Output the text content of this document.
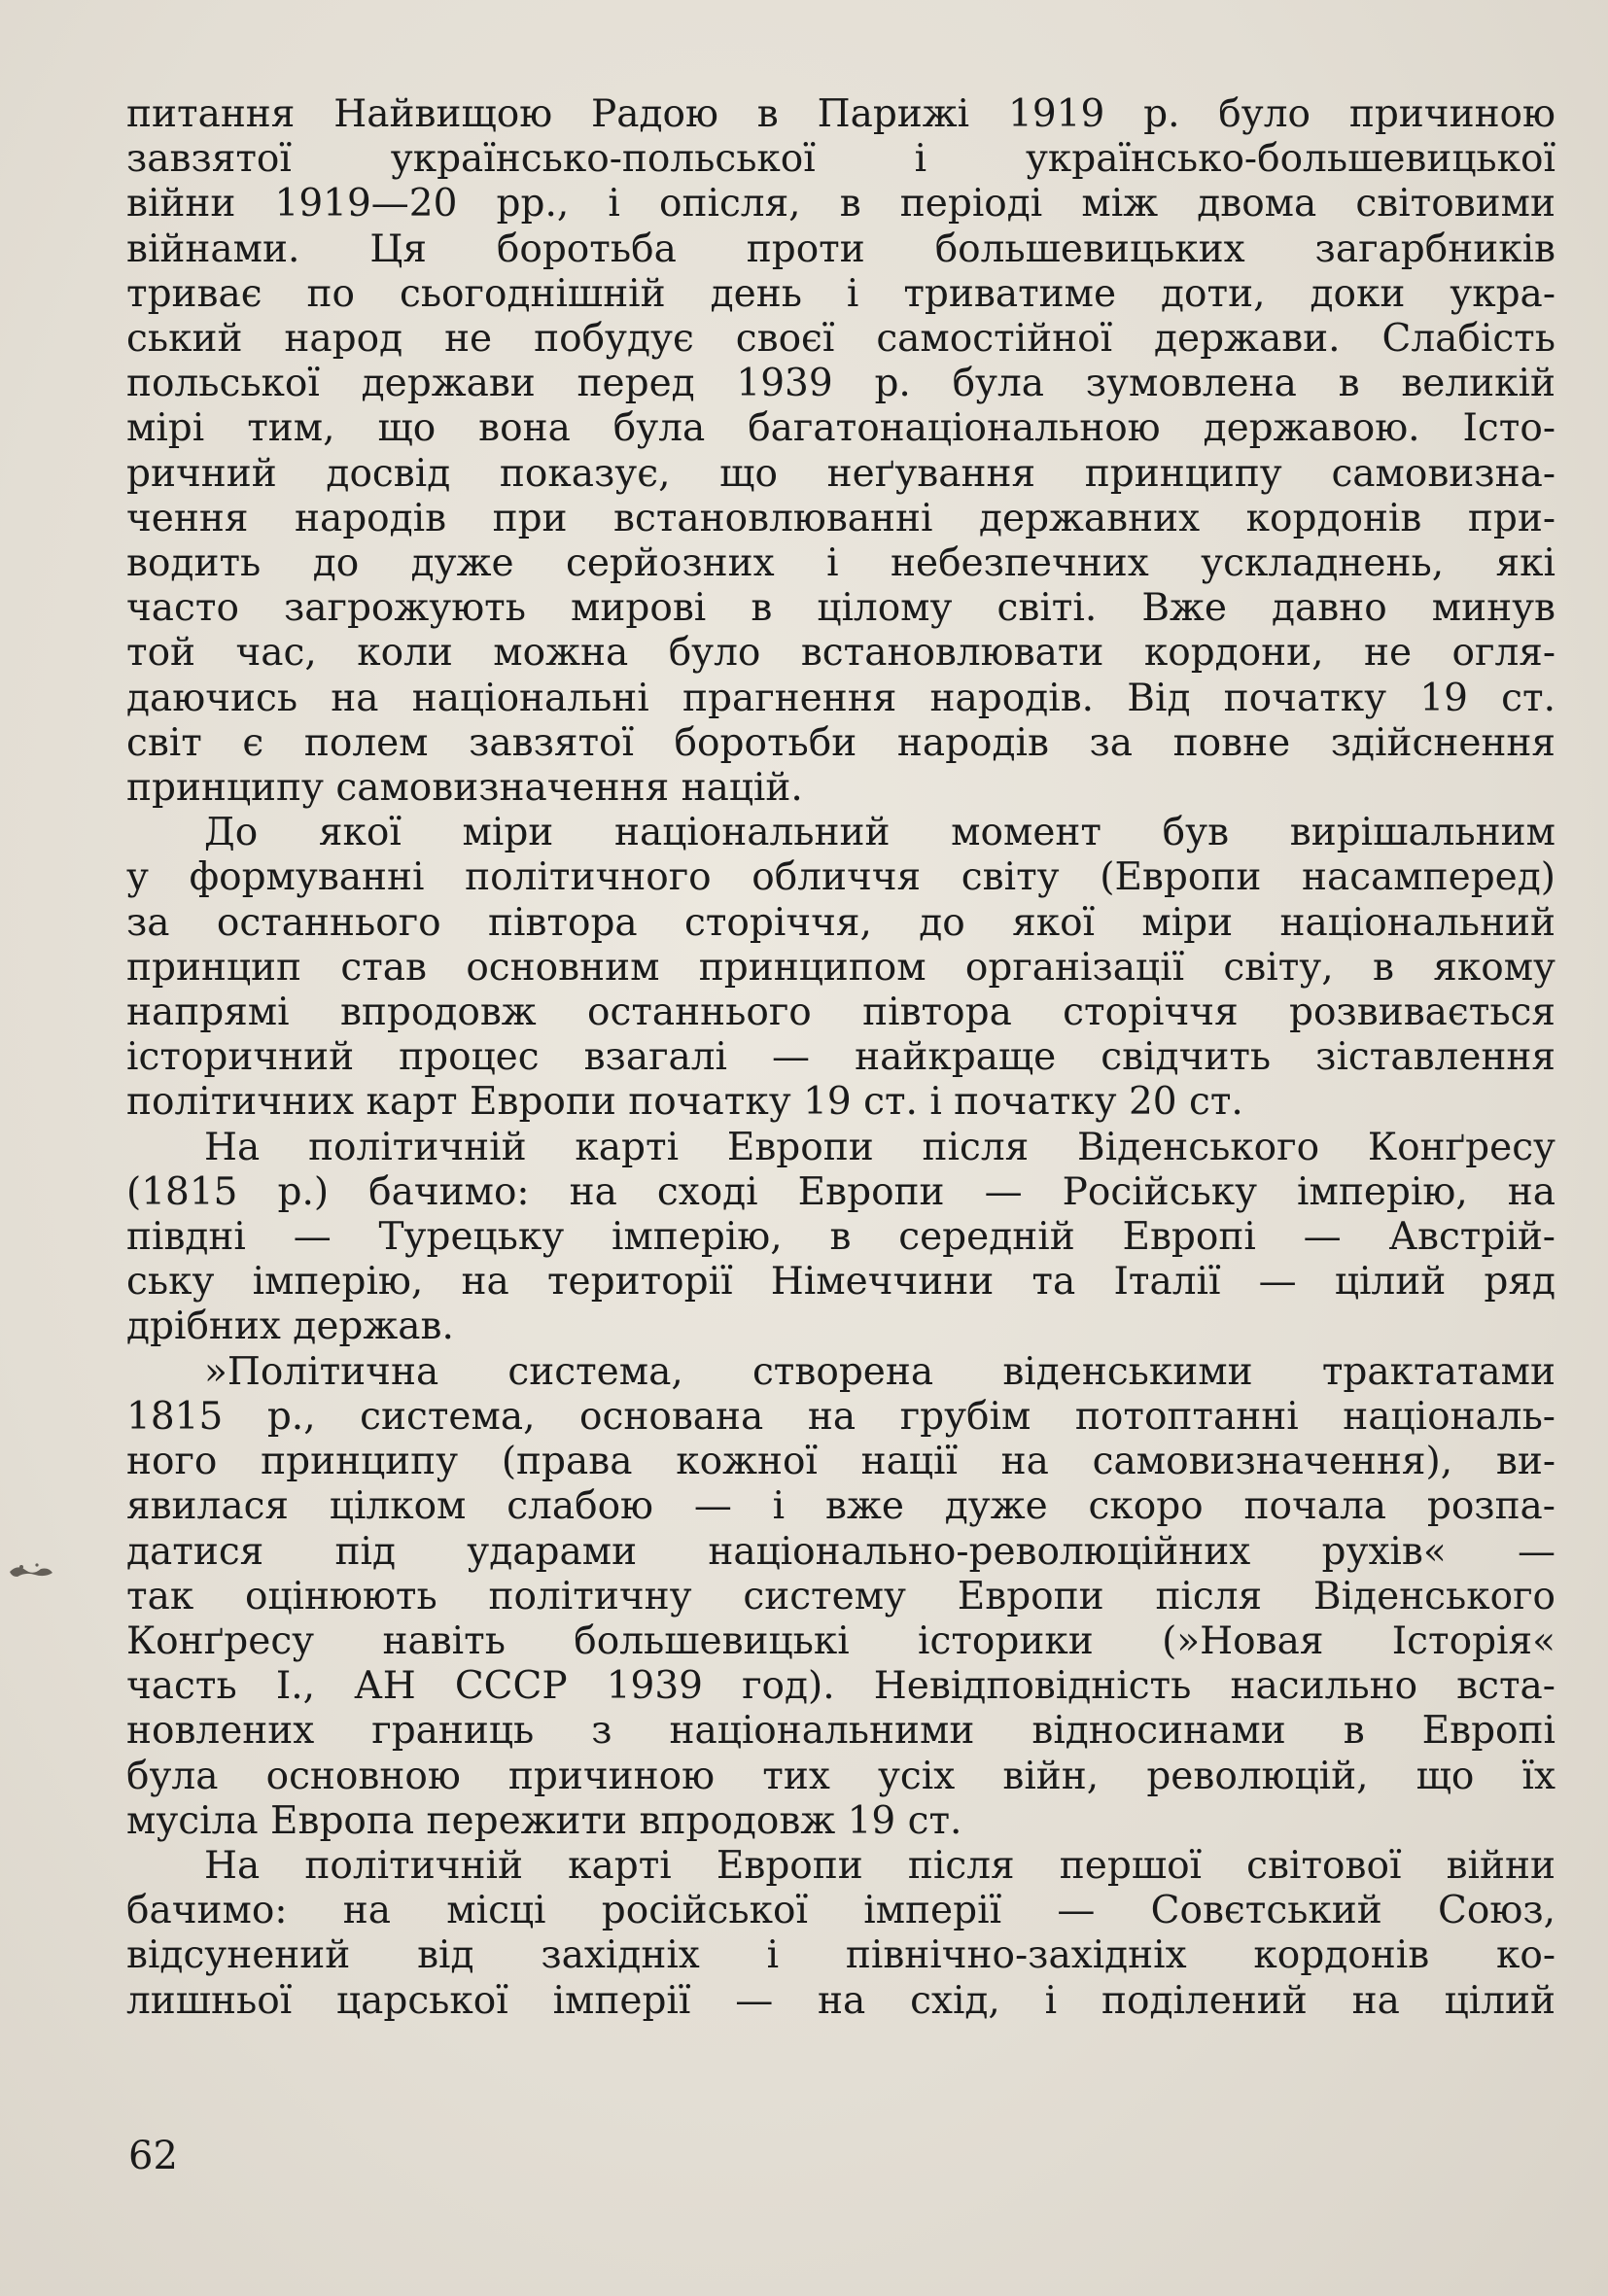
питання Найвищою Радою в Парижі 1919 р. було причиною
завзятої українсько-польської і українсько-большевицької
війни 1919—20 рр., і опісля, в періоді між двома світовими
війнами. Ця боротьба проти большевицьких загарбників
триває по сьогоднішній день і триватиме доти, доки укра-
ський народ не побудує своєї самостійної держави. Слабість
польської держави перед 1939 р. була зумовлена в великій
мірі тим, що вона була багатонаціональною державою. Істо-
ричний досвід показує, що неґування принципу самовизна-
чення народів при встановлюванні державних кордонів при-
водить до дуже серйозних і небезпечних ускладнень, які
часто загрожують мирові в цілому світі. Вже давно минув
той час, коли можна було встановлювати кордони, не огля-
даючись на національні прагнення народів. Від початку 19 ст.
світ є полем завзятої боротьби народів за повне здійснення
принципу самовизначення націй.

До якої міри національний момент був вирішальним
у формуванні політичного обличчя світу (Европи насамперед)
за останнього півтора сторіччя, до якої міри національний
принцип став основним принципом організації світу, в якому
напрямі впродовж останнього півтора сторіччя розвивається
історичний процес взагалі — найкраще свідчить зіставлення
політичних карт Европи початку 19 ст. і початку 20 ст.

На політичній карті Европи після Віденського Конґресу
(1815 р.) бачимо: на сході Европи — Російську імперію, на
півдні — Турецьку імперію, в середній Европі — Австрій-
ську імперію, на території Німеччини та Італії — цілий ряд
дрібних держав.

»Політична система, створена віденськими трактатами
1815 р., система, основана на грубім потоптанні національ-
ного принципу (права кожної нації на самовизначення), ви-
явилася цілком слабою — і вже дуже скоро почала розпа-
датися під ударами національно-революційних рухів« —
так оцінюють політичну систему Европи після Віденського
Конґресу навіть большевицькі історики (»Новая Історія«
часть І., АН СССР 1939 год). Невідповідність насильно вста-
новлених границь з національними відносинами в Европі
була основною причиною тих усіх війн, революцій, що їх
мусіла Европа пережити впродовж 19 ст.

На політичній карті Европи після першої світової війни
бачимо: на місці російської імперії — Совєтський Союз,
відсунений від західніх і північно-західніх кордонів ко-
лишньої царської імперії — на схід, і поділений на цілий

62
